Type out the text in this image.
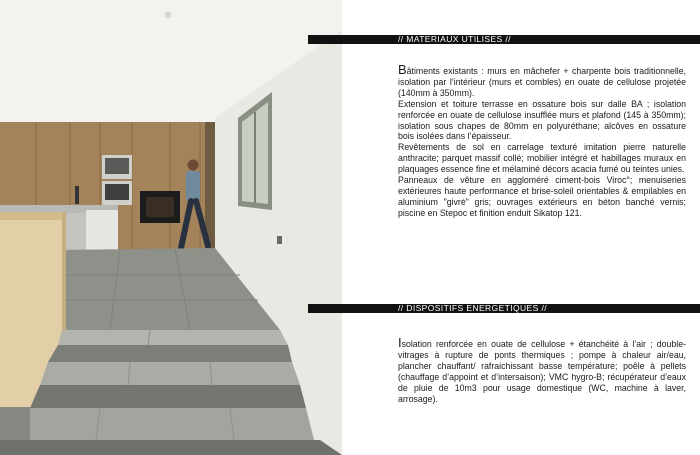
// MATERIAUX UTILISES //

Bâtiments existants : murs en mâchefer + charpente bois traditionnelle, isolation par l’intérieur (murs et combles) en ouate de cellulose projetée (140mm à 350mm).

Extension et toiture terrasse en ossature bois sur dalle BA ; isolation renforcée en ouate de cellulose insufflée murs et plafond (145 à 350mm); isolation sous chapes de 80mm en polyuréthane; alcôves en ossature bois isolées dans l’épaisseur.

Revêtements de sol en carrelage texturé imitation pierre naturelle anthracite; parquet massif collé; mobilier intégré et habillages muraux en plaquages essence fine et mélaminé décors acacia fumé ou teintes unies.

Panneaux de vêture en aggloméré ciment-bois Viroc°; menuiseries extérieures haute performance et brise-soleil orientables & empilables en aluminium "givré" gris; ouvrages extérieurs en béton banché vernis; piscine en Stepoc et finition enduit Sikatop 121.

// DISPOSITIFS ENERGETIQUES //

Isolation renforcée en ouate de cellulose + étanchéité à l’air ; double-vitrages à rupture de ponts thermiques ; pompe à chaleur air/eau, plancher chauffant/ rafraichissant basse température; poêle à pellets (chauffage d’appoint et d’intersaison); VMC hygro-B; récupérateur d’eaux de pluie de 10m3 pour usage domestique (WC, machine à laver, arrosage).
